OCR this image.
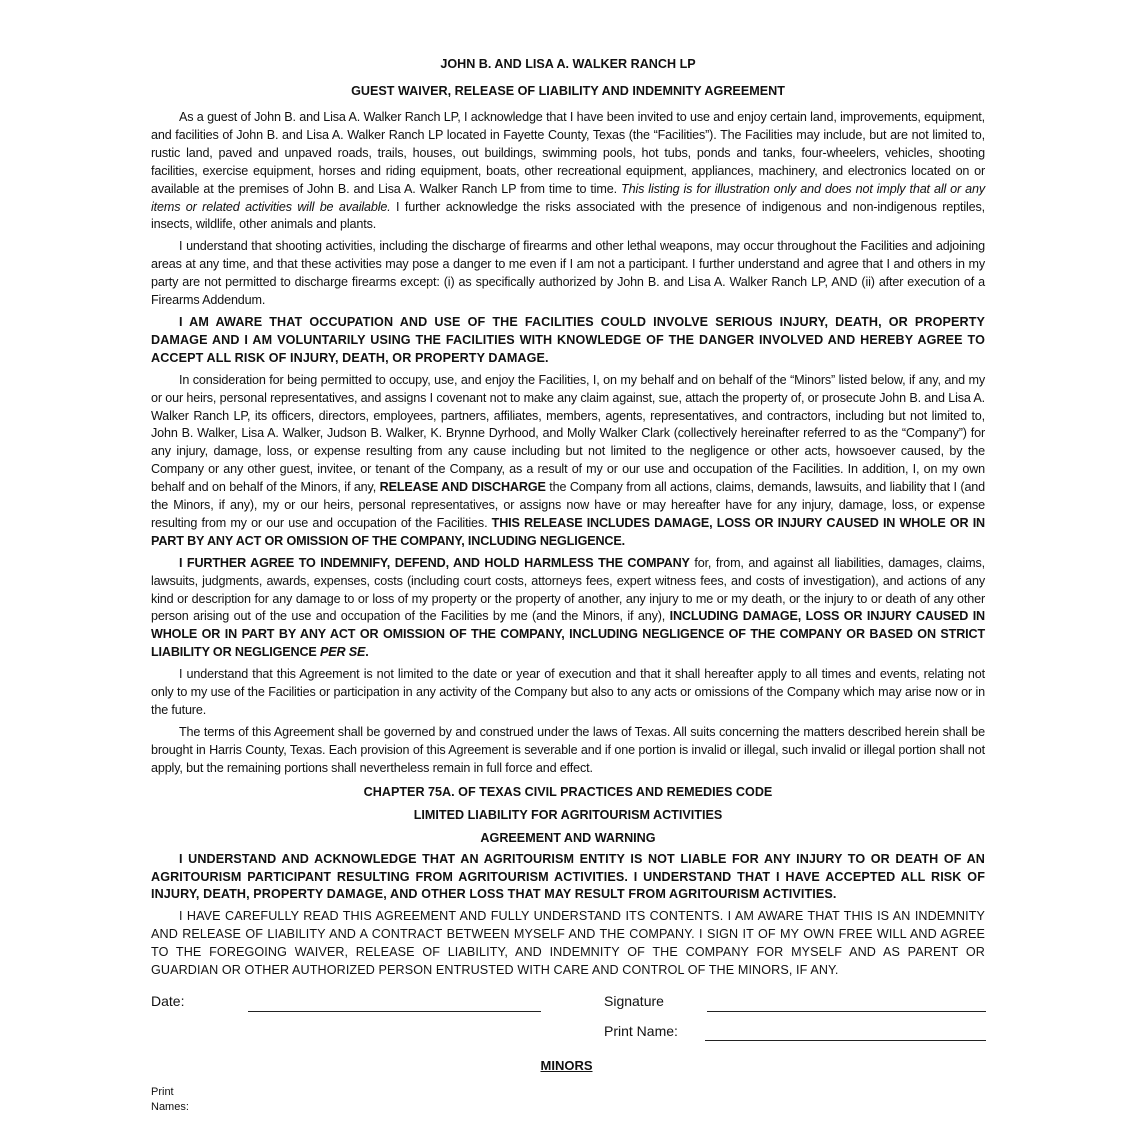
JOHN B. AND LISA A. WALKER RANCH LP
GUEST WAIVER, RELEASE OF LIABILITY AND INDEMNITY AGREEMENT

As a guest of John B. and Lisa A. Walker Ranch LP, I acknowledge that I have been invited to use and enjoy certain land, improvements, equipment, and facilities of John B. and Lisa A. Walker Ranch LP located in Fayette County, Texas (the “Facilities”). The Facilities may include, but are not limited to, rustic land, paved and unpaved roads, trails, houses, out buildings, swimming pools, hot tubs, ponds and tanks, four-wheelers, vehicles, shooting facilities, exercise equipment, horses and riding equipment, boats, other recreational equipment, appliances, machinery, and electronics located on or available at the premises of John B. and Lisa A. Walker Ranch LP from time to time. This listing is for illustration only and does not imply that all or any items or related activities will be available. I further acknowledge the risks associated with the presence of indigenous and non-indigenous reptiles, insects, wildlife, other animals and plants.

I understand that shooting activities, including the discharge of firearms and other lethal weapons, may occur throughout the Facilities and adjoining areas at any time, and that these activities may pose a danger to me even if I am not a participant. I further understand and agree that I and others in my party are not permitted to discharge firearms except: (i) as specifically authorized by John B. and Lisa A. Walker Ranch LP, AND (ii) after execution of a Firearms Addendum.

I AM AWARE THAT OCCUPATION AND USE OF THE FACILITIES COULD INVOLVE SERIOUS INJURY, DEATH, OR PROPERTY DAMAGE AND I AM VOLUNTARILY USING THE FACILITIES WITH KNOWLEDGE OF THE DANGER INVOLVED AND HEREBY AGREE TO ACCEPT ALL RISK OF INJURY, DEATH, OR PROPERTY DAMAGE.

In consideration for being permitted to occupy, use, and enjoy the Facilities, I, on my behalf and on behalf of the “Minors” listed below, if any, and my or our heirs, personal representatives, and assigns I covenant not to make any claim against, sue, attach the property of, or prosecute John B. and Lisa A. Walker Ranch LP, its officers, directors, employees, partners, affiliates, members, agents, representatives, and contractors, including but not limited to, John B. Walker, Lisa A. Walker, Judson B. Walker, K. Brynne Dyrhood, and Molly Walker Clark (collectively hereinafter referred to as the “Company”) for any injury, damage, loss, or expense resulting from any cause including but not limited to the negligence or other acts, howsoever caused, by the Company or any other guest, invitee, or tenant of the Company, as a result of my or our use and occupation of the Facilities. In addition, I, on my own behalf and on behalf of the Minors, if any, RELEASE AND DISCHARGE the Company from all actions, claims, demands, lawsuits, and liability that I (and the Minors, if any), my or our heirs, personal representatives, or assigns now have or may hereafter have for any injury, damage, loss, or expense resulting from my or our use and occupation of the Facilities. THIS RELEASE INCLUDES DAMAGE, LOSS OR INJURY CAUSED IN WHOLE OR IN PART BY ANY ACT OR OMISSION OF THE COMPANY, INCLUDING NEGLIGENCE.

I FURTHER AGREE TO INDEMNIFY, DEFEND, AND HOLD HARMLESS THE COMPANY for, from, and against all liabilities, damages, claims, lawsuits, judgments, awards, expenses, costs (including court costs, attorneys fees, expert witness fees, and costs of investigation), and actions of any kind or description for any damage to or loss of my property or the property of another, any injury to me or my death, or the injury to or death of any other person arising out of the use and occupation of the Facilities by me (and the Minors, if any), INCLUDING DAMAGE, LOSS OR INJURY CAUSED IN WHOLE OR IN PART BY ANY ACT OR OMISSION OF THE COMPANY, INCLUDING NEGLIGENCE OF THE COMPANY OR BASED ON STRICT LIABILITY OR NEGLIGENCE PER SE.

I understand that this Agreement is not limited to the date or year of execution and that it shall hereafter apply to all times and events, relating not only to my use of the Facilities or participation in any activity of the Company but also to any acts or omissions of the Company which may arise now or in the future.

The terms of this Agreement shall be governed by and construed under the laws of Texas. All suits concerning the matters described herein shall be brought in Harris County, Texas. Each provision of this Agreement is severable and if one portion is invalid or illegal, such invalid or illegal portion shall not apply, but the remaining portions shall nevertheless remain in full force and effect.

CHAPTER 75A. OF TEXAS CIVIL PRACTICES AND REMEDIES CODE
LIMITED LIABILITY FOR AGRITOURISM ACTIVITIES
AGREEMENT AND WARNING

I UNDERSTAND AND ACKNOWLEDGE THAT AN AGRITOURISM ENTITY IS NOT LIABLE FOR ANY INJURY TO OR DEATH OF AN AGRITOURISM PARTICIPANT RESULTING FROM AGRITOURISM ACTIVITIES. I UNDERSTAND THAT I HAVE ACCEPTED ALL RISK OF INJURY, DEATH, PROPERTY DAMAGE, AND OTHER LOSS THAT MAY RESULT FROM AGRITOURISM ACTIVITIES.

I HAVE CAREFULLY READ THIS AGREEMENT AND FULLY UNDERSTAND ITS CONTENTS. I AM AWARE THAT THIS IS AN INDEMNITY AND RELEASE OF LIABILITY AND A CONTRACT BETWEEN MYSELF AND THE COMPANY. I SIGN IT OF MY OWN FREE WILL AND AGREE TO THE FOREGOING WAIVER, RELEASE OF LIABILITY, AND INDEMNITY OF THE COMPANY FOR MYSELF AND AS PARENT OR GUARDIAN OR OTHER AUTHORIZED PERSON ENTRUSTED WITH CARE AND CONTROL OF THE MINORS, IF ANY.

Date:	Signature
Print Name:
MINORS
Print
Names:
